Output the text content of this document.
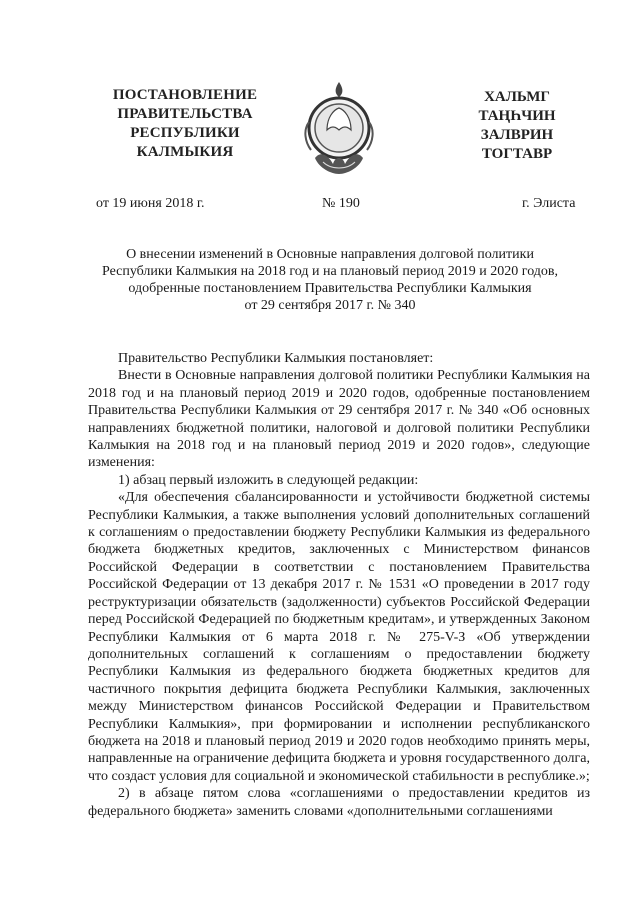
ПОСТАНОВЛЕНИЕ
ПРАВИТЕЛЬСТВА
РЕСПУБЛИКИ
КАЛМЫКИЯ
ХАЛЬМГ
ТАҢҺЧИН
ЗАЛВРИН
ТОГТАВР
от 19 июня 2018 г.	№ 190	г. Элиста
О внесении изменений в Основные направления долговой политики
Республики Калмыкия на 2018 год и на плановый период 2019 и 2020 годов,
одобренные постановлением Правительства Республики Калмыкия
от 29 сентября 2017 г. № 340

Правительство Республики Калмыкия постановляет:

Внести в Основные направления долговой политики Республики Калмыкия на 2018 год и на плановый период 2019 и 2020 годов, одобренные постановлением Правительства Республики Калмыкия от 29 сентября 2017 г. № 340 «Об основных направлениях бюджетной политики, налоговой и долговой политики Республики Калмыкия на 2018 год и на плановый период 2019 и 2020 годов», следующие изменения:

1) абзац первый изложить в следующей редакции:

«Для обеспечения сбалансированности и устойчивости бюджетной системы Республики Калмыкия, а также выполнения условий дополнительных соглашений к соглашениям о предоставлении бюджету Республики Калмыкия из федерального бюджета бюджетных кредитов, заключенных с Министерством финансов Российской Федерации в соответствии с постановлением Правительства Российской Федерации от 13 декабря 2017 г. № 1531 «О проведении в 2017 году реструктуризации обязательств (задолженности) субъектов Российской Федерации перед Российской Федерацией по бюджетным кредитам», и утвержденных Законом Республики Калмыкия от 6 марта 2018 г. № 275-V-З «Об утверждении дополнительных соглашений к соглашениям о предоставлении бюджету Республики Калмыкия из федерального бюджета бюджетных кредитов для частичного покрытия дефицита бюджета Республики Калмыкия, заключенных между Министерством финансов Российской Федерации и Правительством Республики Калмыкия», при формировании и исполнении республиканского бюджета на 2018 и плановый период 2019 и 2020 годов необходимо принять меры, направленные на ограничение дефицита бюджета и уровня государственного долга, что создаст условия для социальной и экономической стабильности в республике.»;

2) в абзаце пятом слова «соглашениями о предоставлении кредитов из федерального бюджета» заменить словами «дополнительными соглашениями
